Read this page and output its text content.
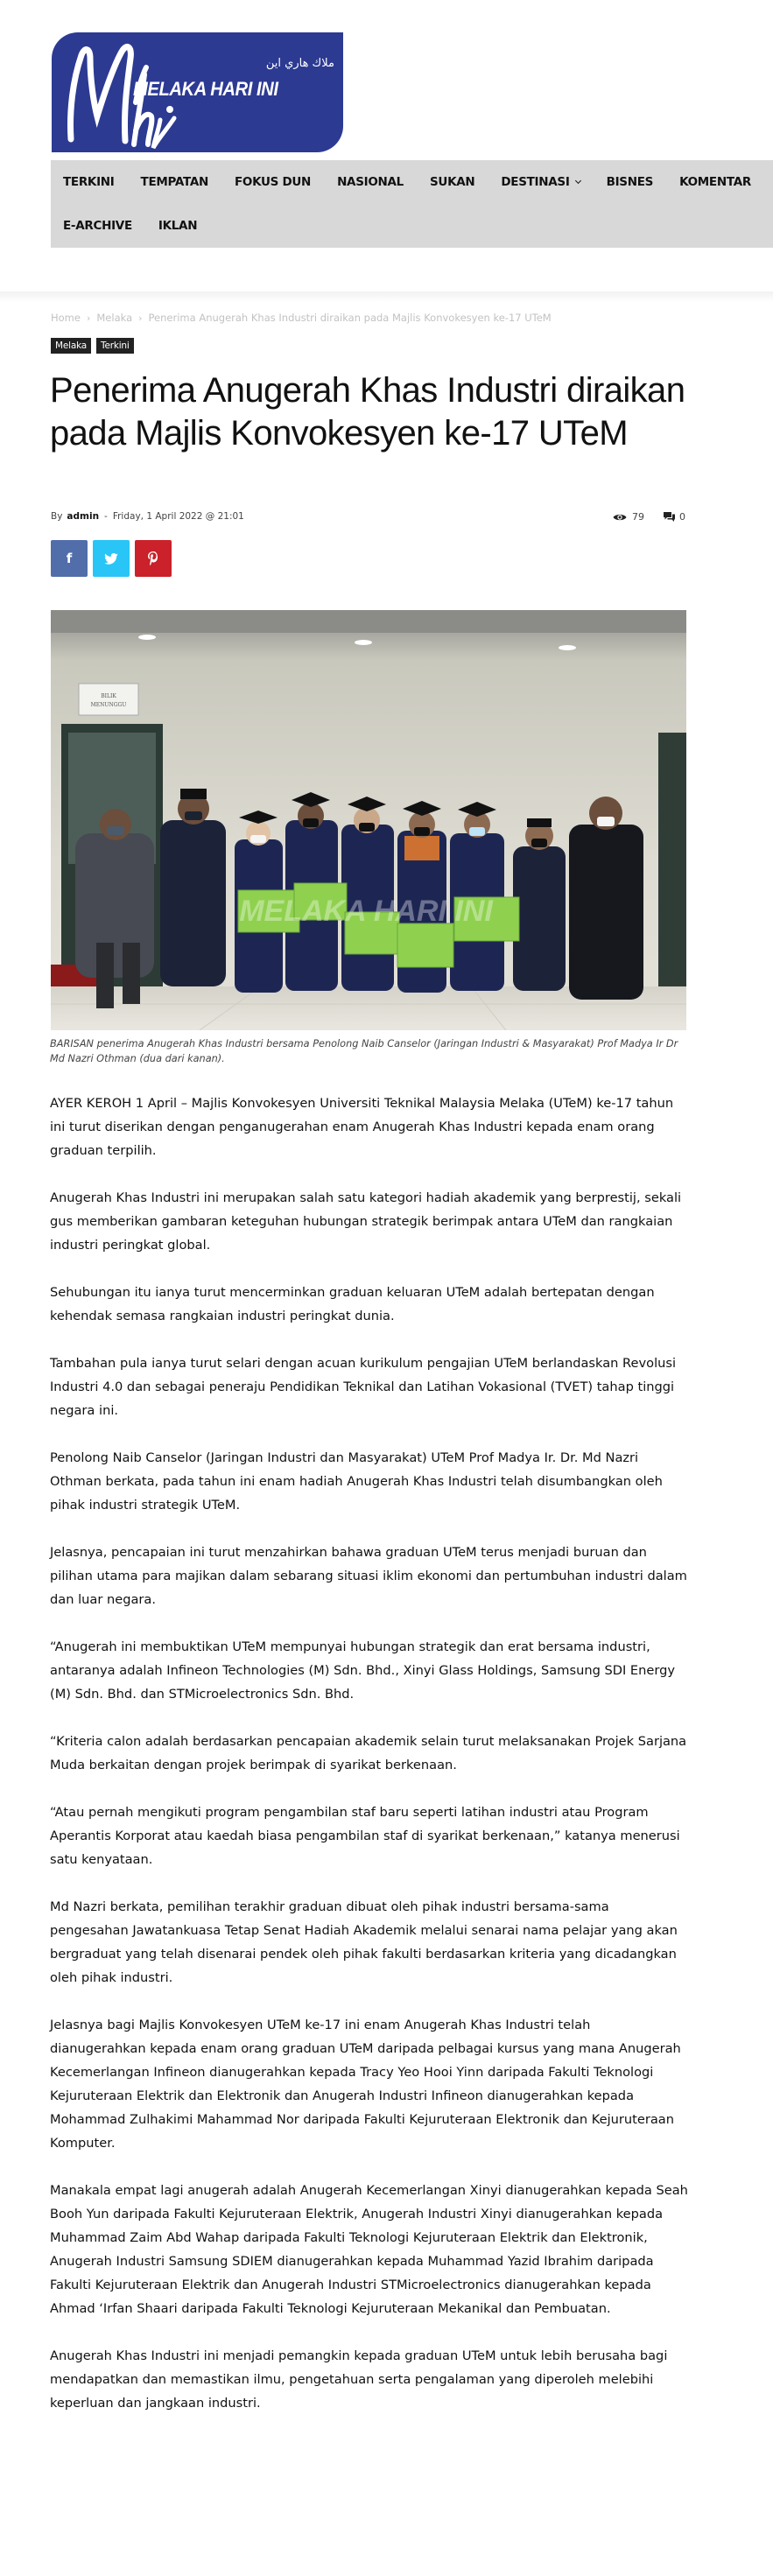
ملاك هاري اين
MELAKA HARI INI
TERKINI TEMPATAN FOKUS DUN NASIONAL SUKAN DESTINASI	BISNES KOMENTAR
E-ARCHIVE IKLAN
Home › Melaka › Penerima Anugerah Khas Industri diraikan pada Majlis Konvokesyen ke-17 UTeM
Melaka	Terkini
Penerima Anugerah Khas Industri diraikan pada Majlis Konvokesyen ke-17 UTeM
By admin - Friday, 1 April 2022 @ 21:01	79	0
f
BILIK
MENUNGGU
MELAKA HARI INI
BARISAN penerima Anugerah Khas Industri bersama Penolong Naib Canselor (Jaringan Industri & Masyarakat) Prof Madya Ir Dr Md Nazri Othman (dua dari kanan).

AYER KEROH 1 April – Majlis Konvokesyen Universiti Teknikal Malaysia Melaka (UTeM) ke-17 tahun ini turut diserikan dengan penganugerahan enam Anugerah Khas Industri kepada enam orang graduan terpilih.

Anugerah Khas Industri ini merupakan salah satu kategori hadiah akademik yang berprestij, sekali gus memberikan gambaran keteguhan hubungan strategik berimpak antara UTeM dan rangkaian industri peringkat global.

Sehubungan itu ianya turut mencerminkan graduan keluaran UTeM adalah bertepatan dengan kehendak semasa rangkaian industri peringkat dunia.

Tambahan pula ianya turut selari dengan acuan kurikulum pengajian UTeM berlandaskan Revolusi Industri 4.0 dan sebagai peneraju Pendidikan Teknikal dan Latihan Vokasional (TVET) tahap tinggi negara ini.

Penolong Naib Canselor (Jaringan Industri dan Masyarakat) UTeM Prof Madya Ir. Dr. Md Nazri Othman berkata, pada tahun ini enam hadiah Anugerah Khas Industri telah disumbangkan oleh pihak industri strategik UTeM.

Jelasnya, pencapaian ini turut menzahirkan bahawa graduan UTeM terus menjadi buruan dan pilihan utama para majikan dalam sebarang situasi iklim ekonomi dan pertumbuhan industri dalam dan luar negara.

“Anugerah ini membuktikan UTeM mempunyai hubungan strategik dan erat bersama industri, antaranya adalah Infineon Technologies (M) Sdn. Bhd., Xinyi Glass Holdings, Samsung SDI Energy (M) Sdn. Bhd. dan STMicroelectronics Sdn. Bhd.

“Kriteria calon adalah berdasarkan pencapaian akademik selain turut melaksanakan Projek Sarjana Muda berkaitan dengan projek berimpak di syarikat berkenaan.

“Atau pernah mengikuti program pengambilan staf baru seperti latihan industri atau Program Aperantis Korporat atau kaedah biasa pengambilan staf di syarikat berkenaan,” katanya menerusi satu kenyataan.

Md Nazri berkata, pemilihan terakhir graduan dibuat oleh pihak industri bersama-sama pengesahan Jawatankuasa Tetap Senat Hadiah Akademik melalui senarai nama pelajar yang akan bergraduat yang telah disenarai pendek oleh pihak fakulti berdasarkan kriteria yang dicadangkan oleh pihak industri.

Jelasnya bagi Majlis Konvokesyen UTeM ke-17 ini enam Anugerah Khas Industri telah dianugerahkan kepada enam orang graduan UTeM daripada pelbagai kursus yang mana Anugerah Kecemerlangan Infineon dianugerahkan kepada Tracy Yeo Hooi Yinn daripada Fakulti Teknologi Kejuruteraan Elektrik dan Elektronik dan Anugerah Industri Infineon dianugerahkan kepada Mohammad Zulhakimi Mahammad Nor daripada Fakulti Kejuruteraan Elektronik dan Kejuruteraan Komputer.

Manakala empat lagi anugerah adalah Anugerah Kecemerlangan Xinyi dianugerahkan kepada Seah Booh Yun daripada Fakulti Kejuruteraan Elektrik, Anugerah Industri Xinyi dianugerahkan kepada Muhammad Zaim Abd Wahap daripada Fakulti Teknologi Kejuruteraan Elektrik dan Elektronik, Anugerah Industri Samsung SDIEM dianugerahkan kepada Muhammad Yazid Ibrahim daripada Fakulti Kejuruteraan Elektrik dan Anugerah Industri STMicroelectronics dianugerahkan kepada Ahmad ‘Irfan Shaari daripada Fakulti Teknologi Kejuruteraan Mekanikal dan Pembuatan.

Anugerah Khas Industri ini menjadi pemangkin kepada graduan UTeM untuk lebih berusaha bagi mendapatkan dan memastikan ilmu, pengetahuan serta pengalaman yang diperoleh melebihi keperluan dan jangkaan industri.
